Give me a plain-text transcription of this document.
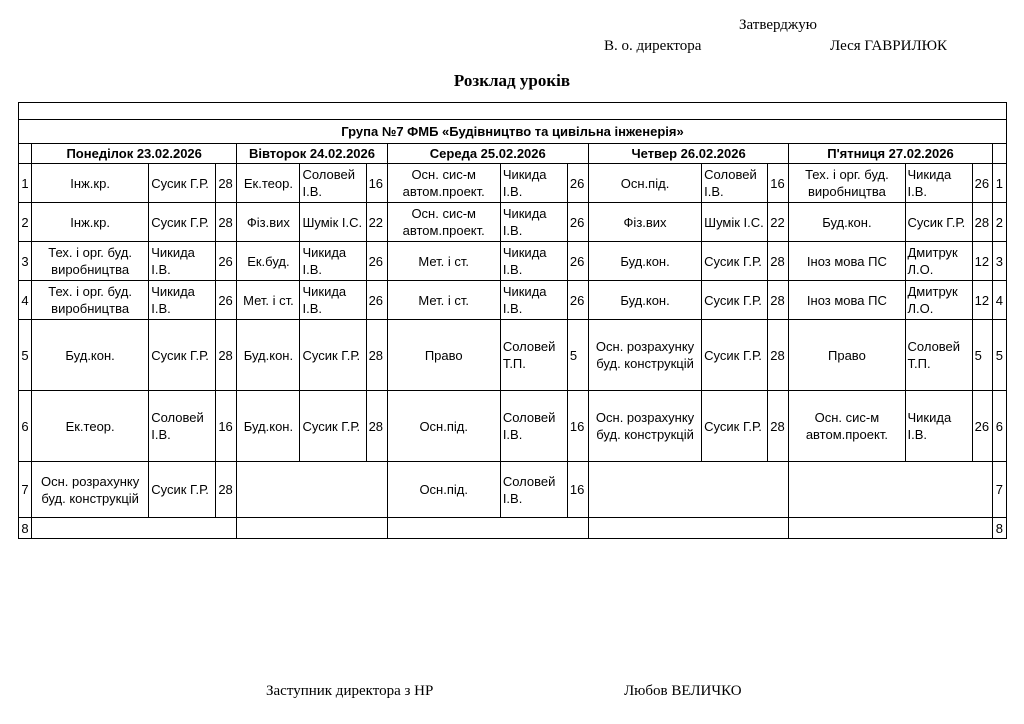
Затверджую
В. о. директора	Леся ГАВРИЛЮК
Розклад уроків

Група №7 ФМБ «Будівництво та цивільна інженерія»																
	Понеділок 23.02.2026			Вівторок 24.02.2026			Середа 25.02.2026			Четвер 26.02.2026			П'ятниця 27.02.2026			
1	Інж.кр.	Сусик Г.Р.	28	Ек.теор.	Соловей І.В.	16	Осн. сис-м автом.проект.	Чикида І.В.	26	Осн.під.	Соловей І.В.	16	Тех. і орг. буд. виробництва	Чикида І.В.	26	1
2	Інж.кр.	Сусик Г.Р.	28	Фіз.вих	Шумік І.С.	22	Осн. сис-м автом.проект.	Чикида І.В.	26	Фіз.вих	Шумік І.С.	22	Буд.кон.	Сусик Г.Р.	28	2
3	Тех. і орг. буд. виробництва	Чикида І.В.	26	Ек.буд.	Чикида І.В.	26	Мет. і ст.	Чикида І.В.	26	Буд.кон.	Сусик Г.Р.	28	Іноз мова ПС	Дмитрук Л.О.	12	3
4	Тех. і орг. буд. виробництва	Чикида І.В.	26	Мет. і ст.	Чикида І.В.	26	Мет. і ст.	Чикида І.В.	26	Буд.кон.	Сусик Г.Р.	28	Іноз мова ПС	Дмитрук Л.О.	12	4
5	Буд.кон.	Сусик Г.Р.	28	Буд.кон.	Сусик Г.Р.	28	Право	Соловей Т.П.	5	Осн. розрахунку буд. конструкцій	Сусик Г.Р.	28	Право	Соловей Т.П.	5	5
6	Ек.теор.	Соловей І.В.	16	Буд.кон.	Сусик Г.Р.	28	Осн.під.	Соловей І.В.	16	Осн. розрахунку буд. конструкцій	Сусик Г.Р.	28	Осн. сис-м автом.проект.	Чикида І.В.	26	6
7	Осн. розрахунку буд. конструкцій	Сусик Г.Р.	28				Осн.під.	Соловей І.В.	16							7
8																8
Заступник директора з НР	Любов ВЕЛИЧКО
